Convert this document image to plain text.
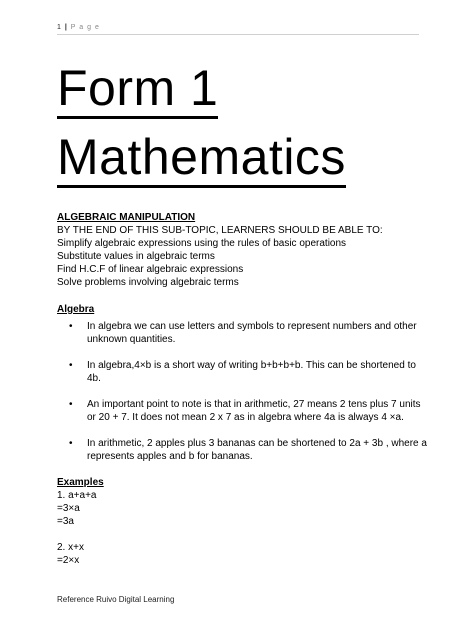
1 | P a g e
Form 1
Mathematics
ALGEBRAIC MANIPULATION

BY THE END OF THIS SUB-TOPIC, LEARNERS SHOULD BE ABLE TO:

Simplify algebraic expressions using the rules of basic operations

Substitute values in algebraic terms

Find H.C.F of linear algebraic expressions

Solve problems involving algebraic terms

Algebra
• In algebra we can use letters and symbols to represent numbers and other unknown quantities.
• In algebra,4×b is a short way of writing b+b+b+b. This can be shortened to 4b.
• An important point to note is that in arithmetic, 27 means 2 tens plus 7 units or 20 + 7. It does not mean 2 x 7 as in algebra where 4a is always 4 ×a.
• In arithmetic, 2 apples plus 3 bananas can be shortened to 2a + 3b , where a represents apples and b for bananas.
Examples

1. a+a+a

=3×a

=3a

2. x+x

=2×x

Reference Ruivo Digital Learning
